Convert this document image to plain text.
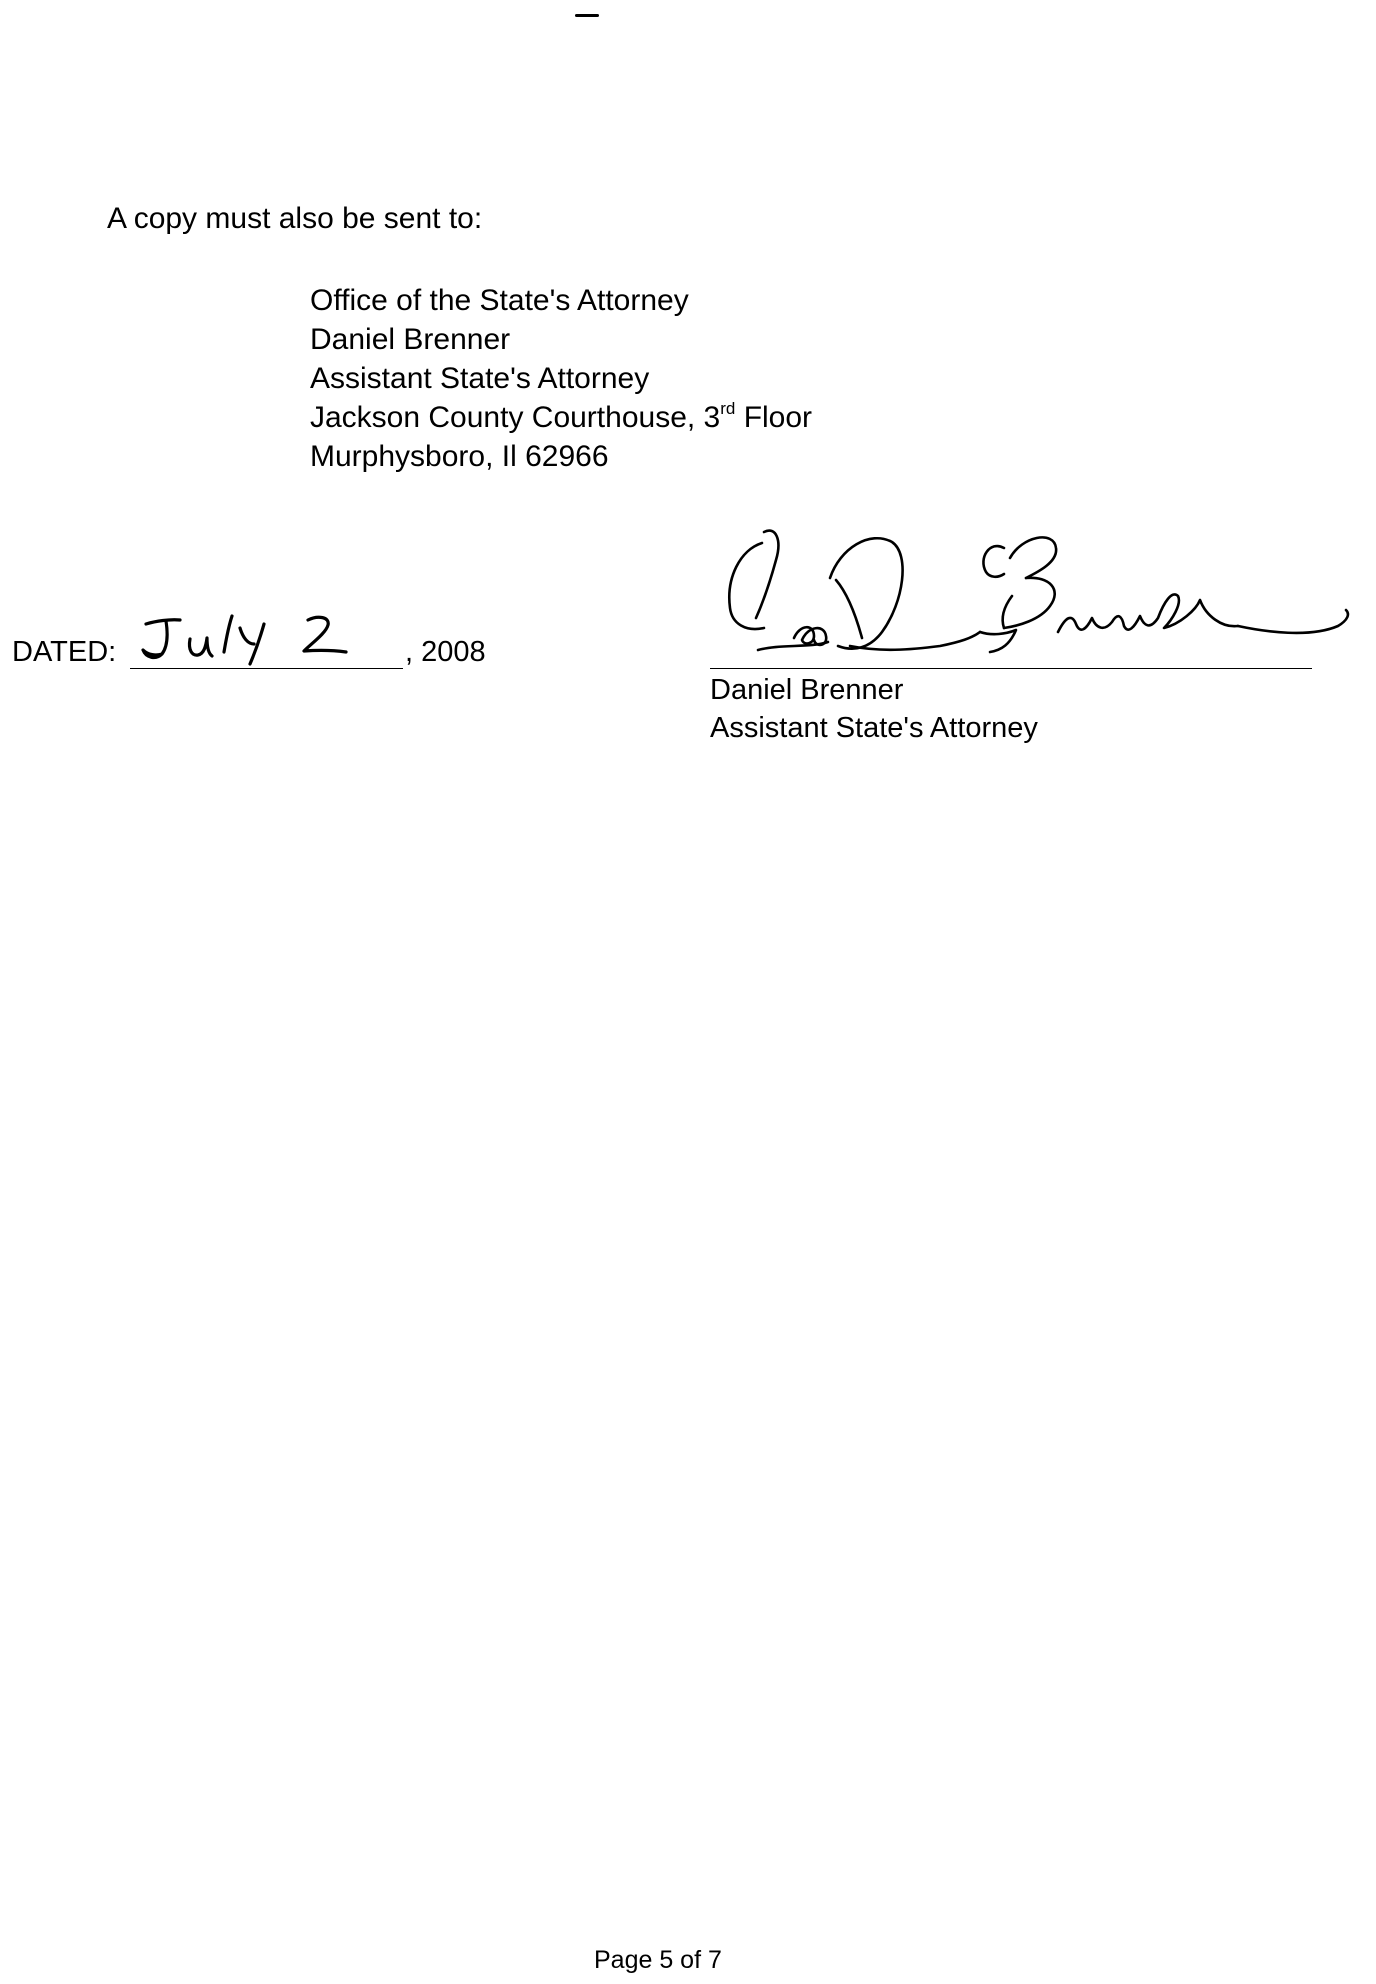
A copy must also be sent to:
Office of the State's Attorney
Daniel Brenner
Assistant State's Attorney
Jackson County Courthouse, 3rd Floor
Murphysboro, Il 62966
DATED:	, 2008
Daniel Brenner
Assistant State's Attorney
Page 5 of 7
